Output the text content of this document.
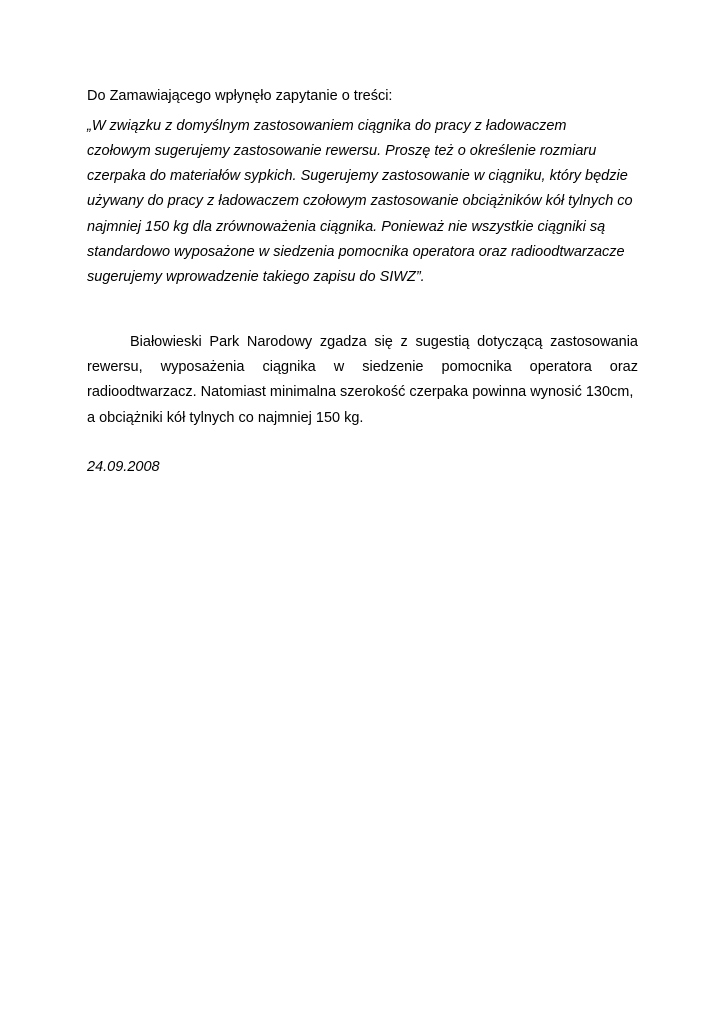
Do Zamawiającego wpłynęło zapytanie o treści:
„W związku z domyślnym zastosowaniem ciągnika do pracy z ładowaczem
czołowym sugerujemy zastosowanie rewersu. Proszę też o określenie rozmiaru
czerpaka do materiałów sypkich. Sugerujemy zastosowanie w ciągniku, który będzie
używany do pracy z ładowaczem czołowym zastosowanie obciążników kół tylnych co
najmniej 150 kg dla zrównoważenia ciągnika. Ponieważ nie wszystkie ciągniki są
standardowo wyposażone w siedzenia pomocnika operatora oraz radioodtwarzacze
sugerujemy wprowadzenie takiego zapisu do SIWZ”.
Białowieski Park Narodowy zgadza się z sugestią dotyczącą zastosowania
rewersu, wyposażenia ciągnika w siedzenie pomocnika operatora oraz
radioodtwarzacz. Natomiast minimalna szerokość czerpaka powinna wynosić 130cm,
a obciążniki kół tylnych co najmniej 150 kg.
24.09.2008
